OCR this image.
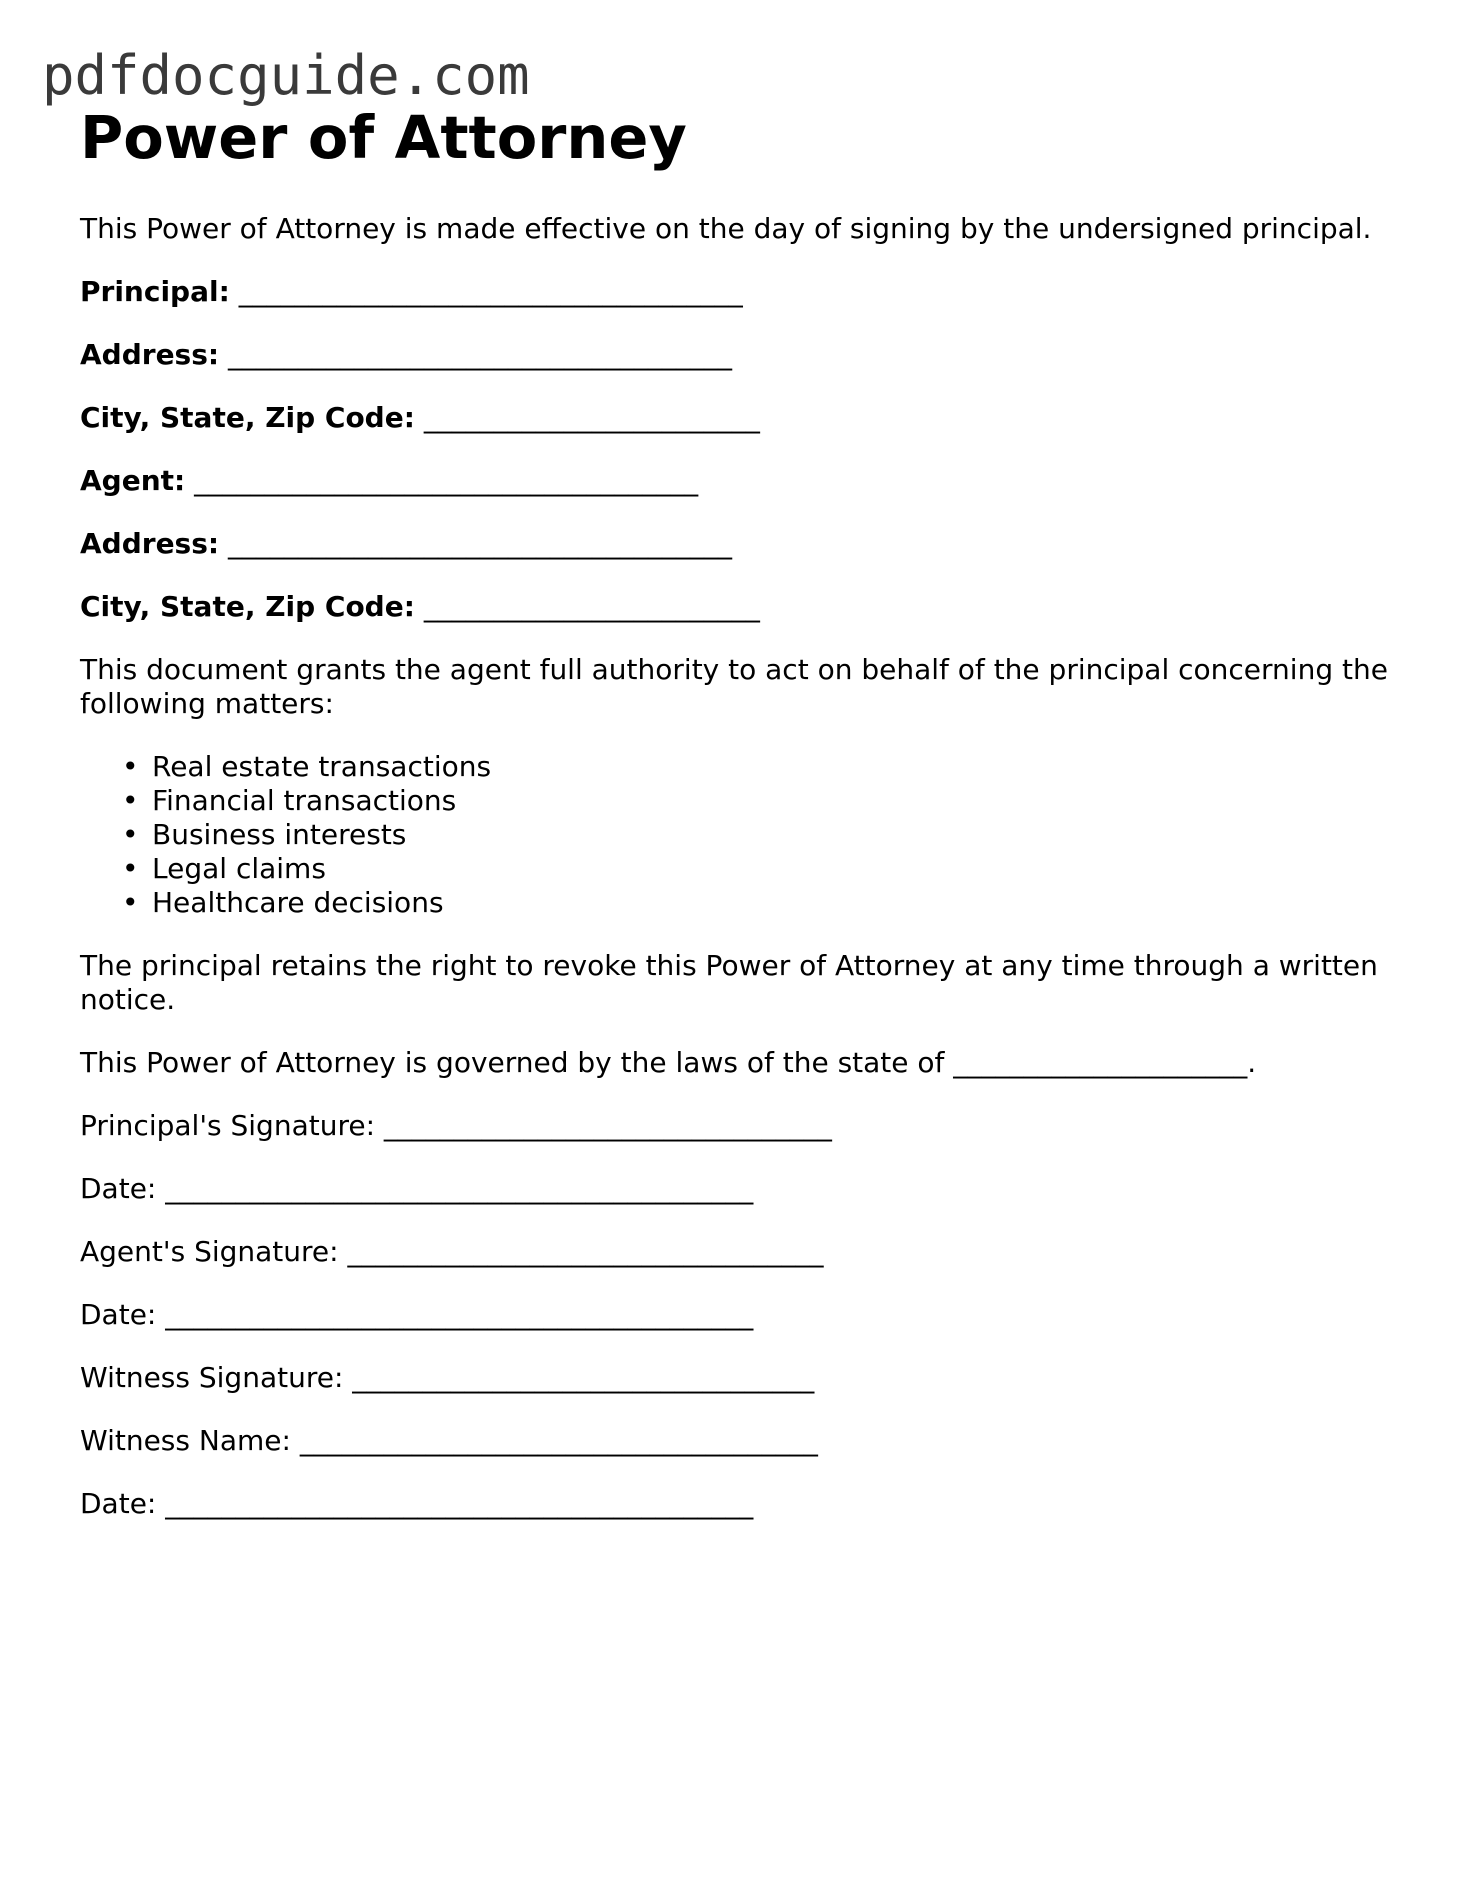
pdfdocguide.com
Power of Attorney

This Power of Attorney is made effective on the day of signing by the undersigned principal.

Principal: ____________________________________
Address: ____________________________________
City, State, Zip Code: ________________________
Agent: ____________________________________
Address: ____________________________________
City, State, Zip Code: ________________________

This document grants the agent full authority to act on behalf of the principal concerning the following matters:

• Real estate transactions
• Financial transactions
• Business interests
• Legal claims
• Healthcare decisions

The principal retains the right to revoke this Power of Attorney at any time through a written notice.

This Power of Attorney is governed by the laws of the state of _____________________.

Principal's Signature: ________________________________
Date: __________________________________________
Agent's Signature: __________________________________
Date: __________________________________________
Witness Signature: _________________________________
Witness Name: _____________________________________
Date: __________________________________________
